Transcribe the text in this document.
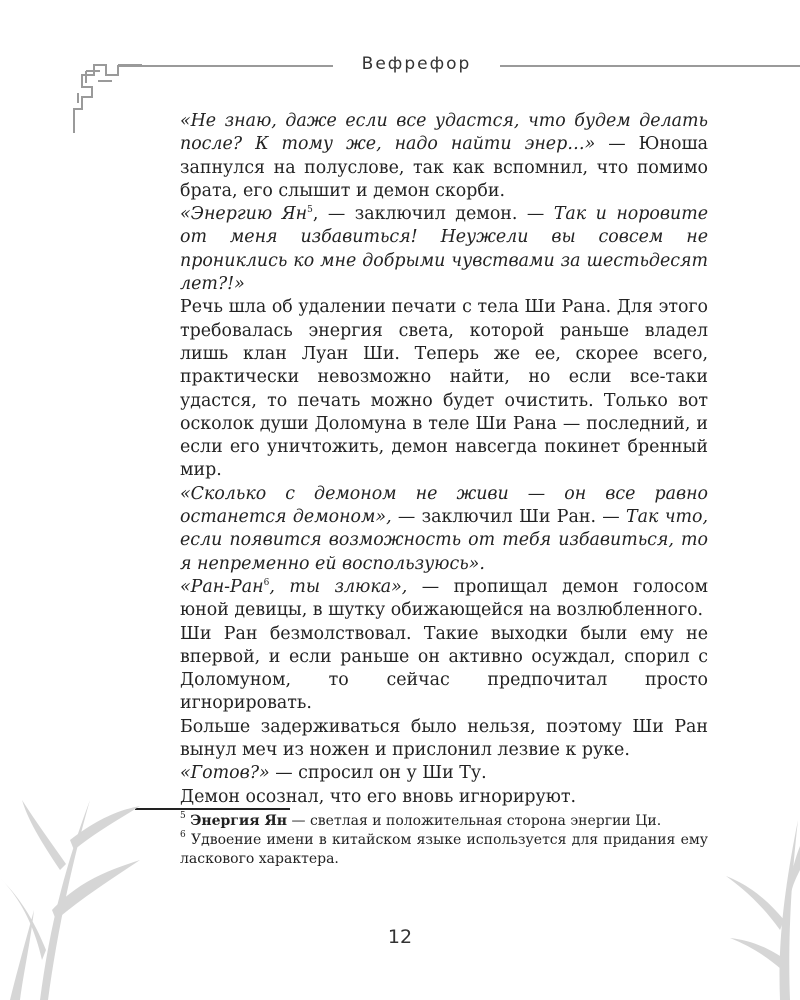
Вефрефор

«Не знаю, даже если все удастся, что будем делать после? К тому же, надо найти энер…» — Юноша запнулся на полуслове, так как вспомнил, что помимо брата, его слышит и демон скорби.

«Энергию $Ян^5$, — заключил демон. — Так и норовите от меня избавиться! Неужели вы совсем не прониклись ко мне добрыми чувствами за шестьдесят лет?!»

Речь шла об удалении печати с тела Ши Рана. Для этого требовалась энергия света, которой раньше владел лишь клан Луан Ши. Теперь же ее, скорее всего, практически невозможно найти, но если все-таки удастся, то печать можно будет очистить. Только вот осколок души Доломуна в теле Ши Рана — последний, и если его уничтожить, демон навсегда покинет бренный мир.

«Сколько с демоном не живи — он все равно останется демоном», — заключил Ши Ран. — Так что, если появится возможность от тебя избавиться, то я непременно ей воспользуюсь».

«Ран-Ран$^6$, ты злюка», — пропищал демон голосом юной девицы, в шутку обижающейся на возлюбленного.

Ши Ран безмолствовал. Такие выходки были ему не впервой, и если раньше он активно осуждал, спорил с Доломуном, то сейчас предпочитал просто игнорировать.

Больше задерживаться было нельзя, поэтому Ши Ран вынул меч из ножен и прислонил лезвие к руке.

«Готов?» — спросил он у Ши Ту.

Демон осознал, что его вновь игнорируют.

$^5$ Энергия Ян — светлая и положительная сторона энергии Ци.

$^6$ Удвоение имени в китайском языке используется для придания ему ласкового характера.

12
